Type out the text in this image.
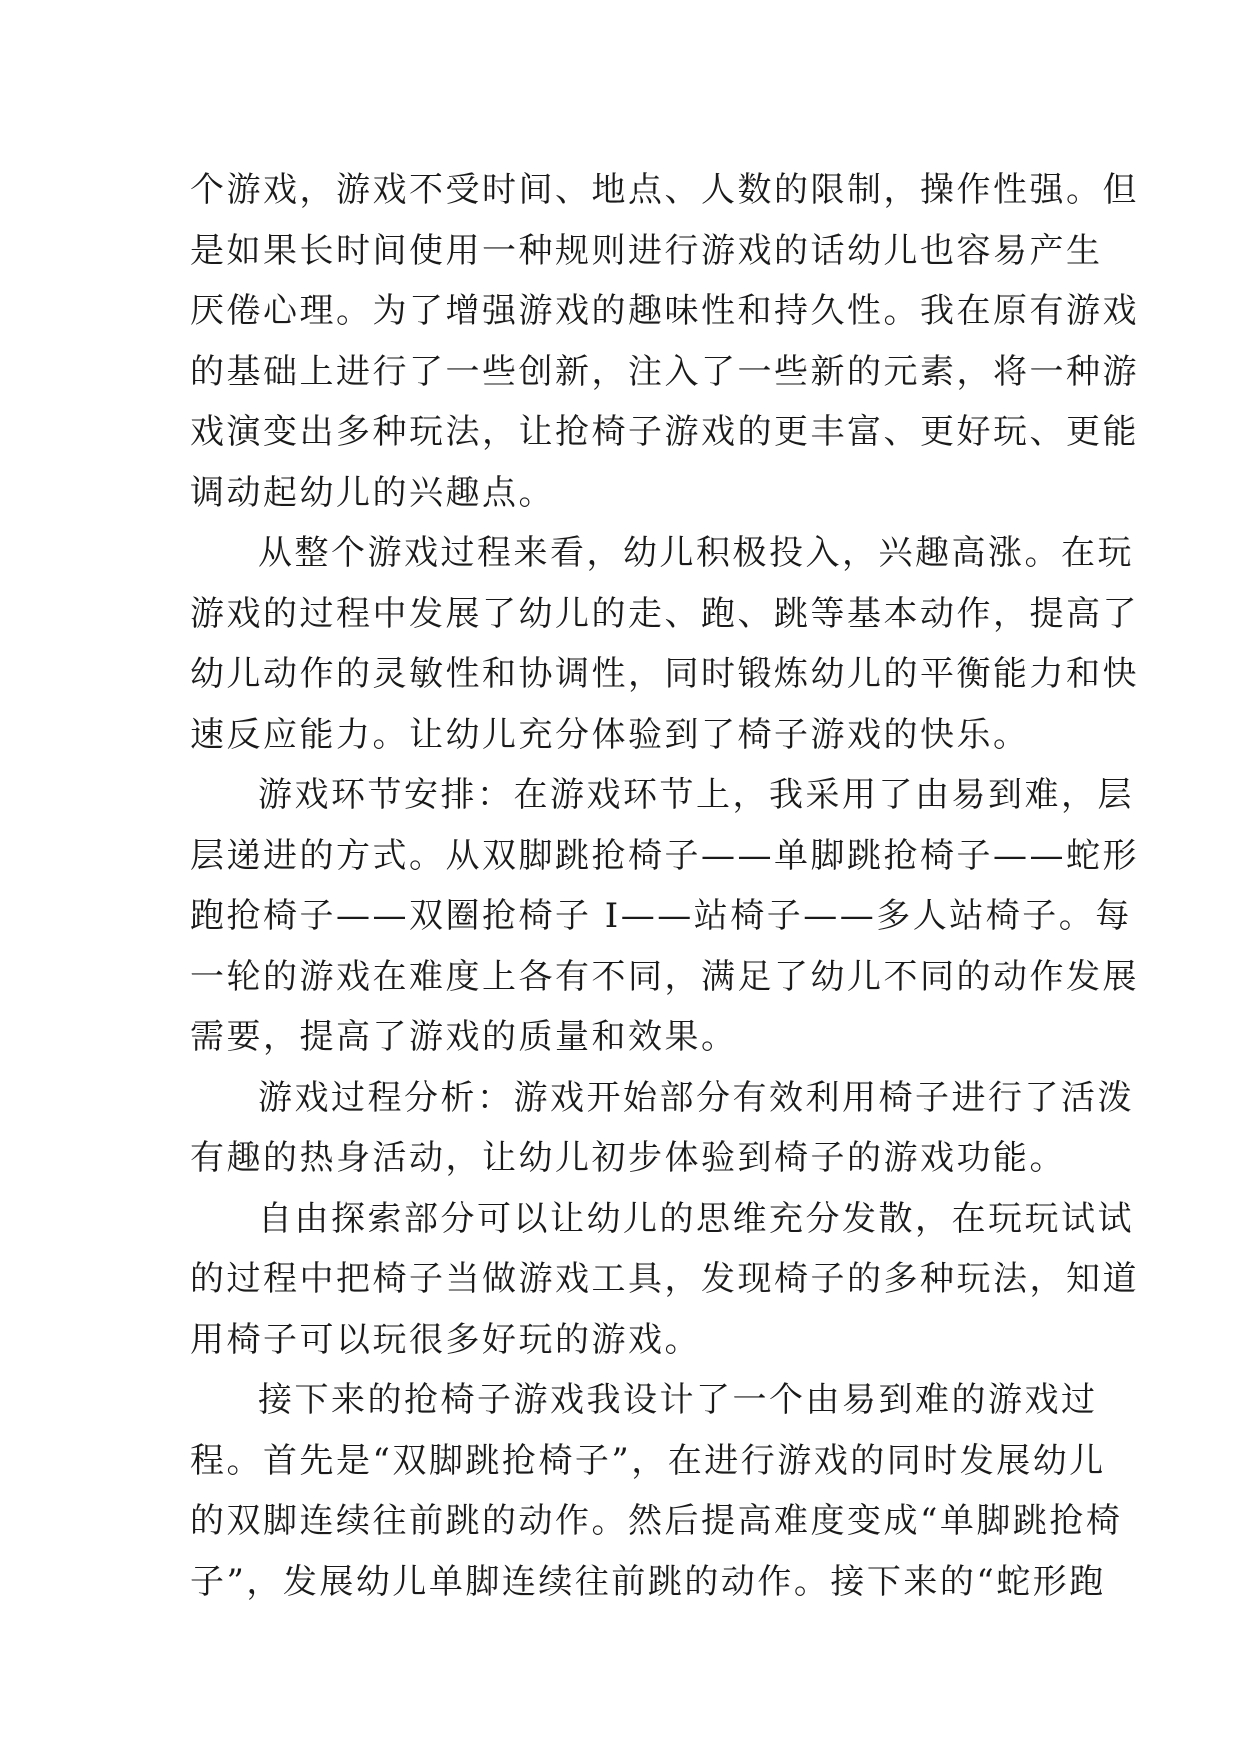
个游戏，游戏不受时间、地点、人数的限制，操作性强。但
是如果长时间使用一种规则进行游戏的话幼儿也容易产生
厌倦心理。为了增强游戏的趣味性和持久性。我在原有游戏
的基础上进行了一些创新，注入了一些新的元素，将一种游
戏演变出多种玩法，让抢椅子游戏的更丰富、更好玩、更能
调动起幼儿的兴趣点。
从整个游戏过程来看，幼儿积极投入，兴趣高涨。在玩
游戏的过程中发展了幼儿的走、跑、跳等基本动作，提高了
幼儿动作的灵敏性和协调性，同时锻炼幼儿的平衡能力和快
速反应能力。让幼儿充分体验到了椅子游戏的快乐。
游戏环节安排：在游戏环节上，我采用了由易到难，层
层递进的方式。从双脚跳抢椅子——单脚跳抢椅子——蛇形
跑抢椅子——双圈抢椅子 I——站椅子——多人站椅子。每
一轮的游戏在难度上各有不同，满足了幼儿不同的动作发展
需要，提高了游戏的质量和效果。
游戏过程分析：游戏开始部分有效利用椅子进行了活泼
有趣的热身活动，让幼儿初步体验到椅子的游戏功能。
自由探索部分可以让幼儿的思维充分发散，在玩玩试试
的过程中把椅子当做游戏工具，发现椅子的多种玩法，知道
用椅子可以玩很多好玩的游戏。
接下来的抢椅子游戏我设计了一个由易到难的游戏过
程。首先是“双脚跳抢椅子”，在进行游戏的同时发展幼儿
的双脚连续往前跳的动作。然后提高难度变成“单脚跳抢椅
子”，发展幼儿单脚连续往前跳的动作。接下来的“蛇形跑
